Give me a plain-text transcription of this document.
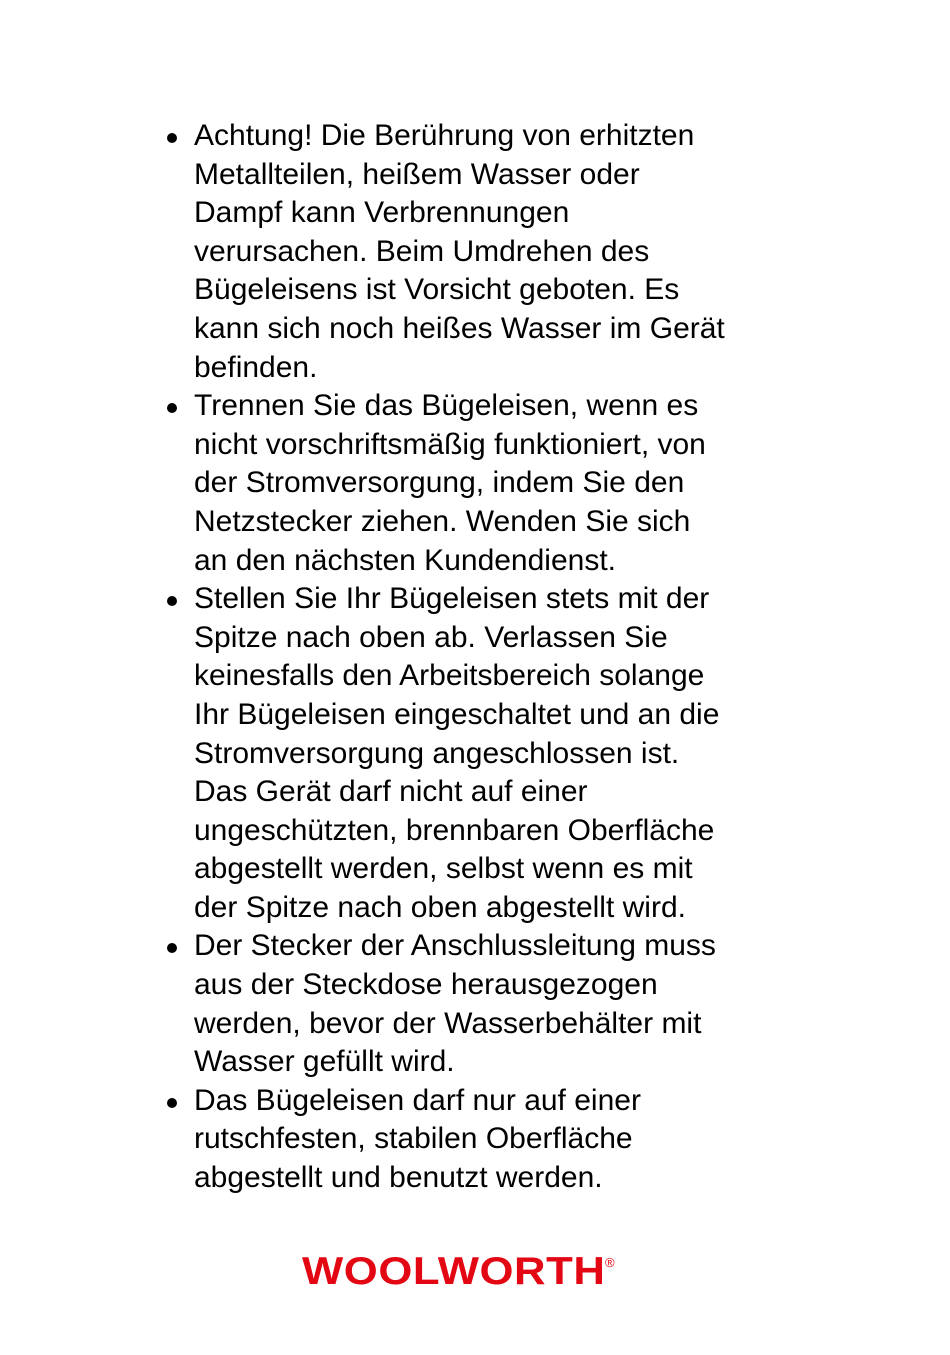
Achtung! Die Berührung von erhitzten
Metallteilen, heißem Wasser oder
Dampf kann Verbrennungen
verursachen. Beim Umdrehen des
Bügeleisens ist Vorsicht geboten. Es
kann sich noch heißes Wasser im Gerät
befinden.
Trennen Sie das Bügeleisen, wenn es
nicht vorschriftsmäßig funktioniert, von
der Stromversorgung, indem Sie den
Netzstecker ziehen. Wenden Sie sich
an den nächsten Kundendienst.
Stellen Sie Ihr Bügeleisen stets mit der
Spitze nach oben ab. Verlassen Sie
keinesfalls den Arbeitsbereich solange
Ihr Bügeleisen eingeschaltet und an die
Stromversorgung angeschlossen ist.
Das Gerät darf nicht auf einer
ungeschützten, brennbaren Oberfläche
abgestellt werden, selbst wenn es mit
der Spitze nach oben abgestellt wird.
Der Stecker der Anschlussleitung muss
aus der Steckdose herausgezogen
werden, bevor der Wasserbehälter mit
Wasser gefüllt wird.
Das Bügeleisen darf nur auf einer
rutschfesten, stabilen Oberfläche
abgestellt und benutzt werden.
WOOLWORTH ®
